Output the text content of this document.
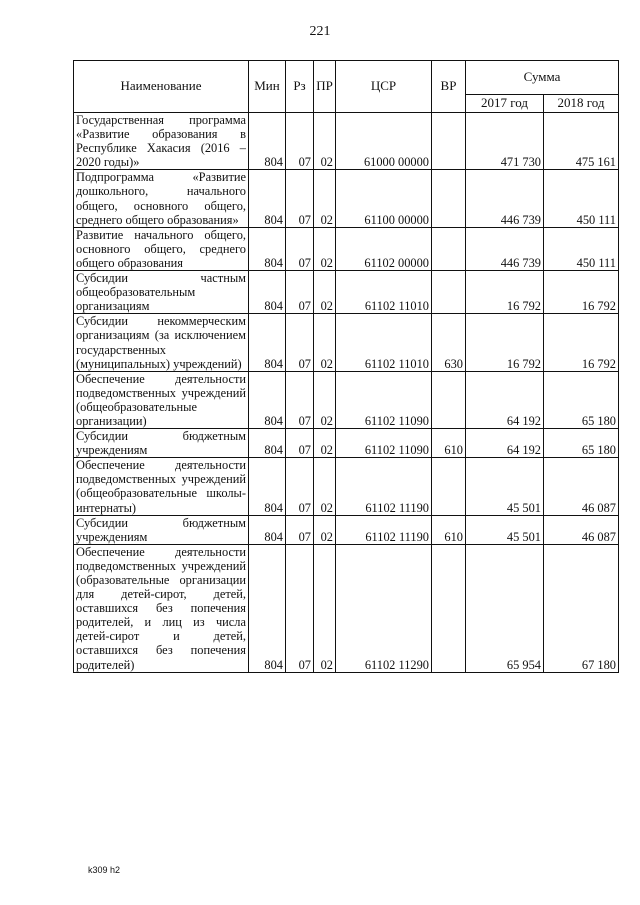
221
Наименование	Мин	Рз	ПР	ЦСР	ВР	Сумма	
						2017 год	2018 год
Государственная программа «Развитие образования в Республике Хакасия (2016 – 2020 годы)»	804	07	02	61000 00000		471 730	475 161
Подпрограмма «Развитие дошкольного, начального общего, основного общего, среднего общего образования»	804	07	02	61100 00000		446 739	450 111
Развитие начального общего, основного общего, среднего общего образования	804	07	02	61102 00000		446 739	450 111
Субсидии частным общеобразовательным организациям	804	07	02	61102 11010		16 792	16 792
Субсидии некоммерческим организациям (за исключением государственных (муниципальных) учреждений)	804	07	02	61102 11010	630	16 792	16 792
Обеспечение деятельности подведомственных учреждений (общеобразовательные организации)	804	07	02	61102 11090		64 192	65 180
Субсидии бюджетным учреждениям	804	07	02	61102 11090	610	64 192	65 180
Обеспечение деятельности подведомственных учреждений (общеобразовательные школы-интернаты)	804	07	02	61102 11190		45 501	46 087
Субсидии бюджетным учреждениям	804	07	02	61102 11190	610	45 501	46 087
Обеспечение деятельности подведомственных учреждений (образовательные организации для детей-сирот, детей, оставшихся без попечения родителей, и лиц из числа детей-сирот и детей, оставшихся без попечения родителей)	804	07	02	61102 11290		65 954	67 180
k309 h2
